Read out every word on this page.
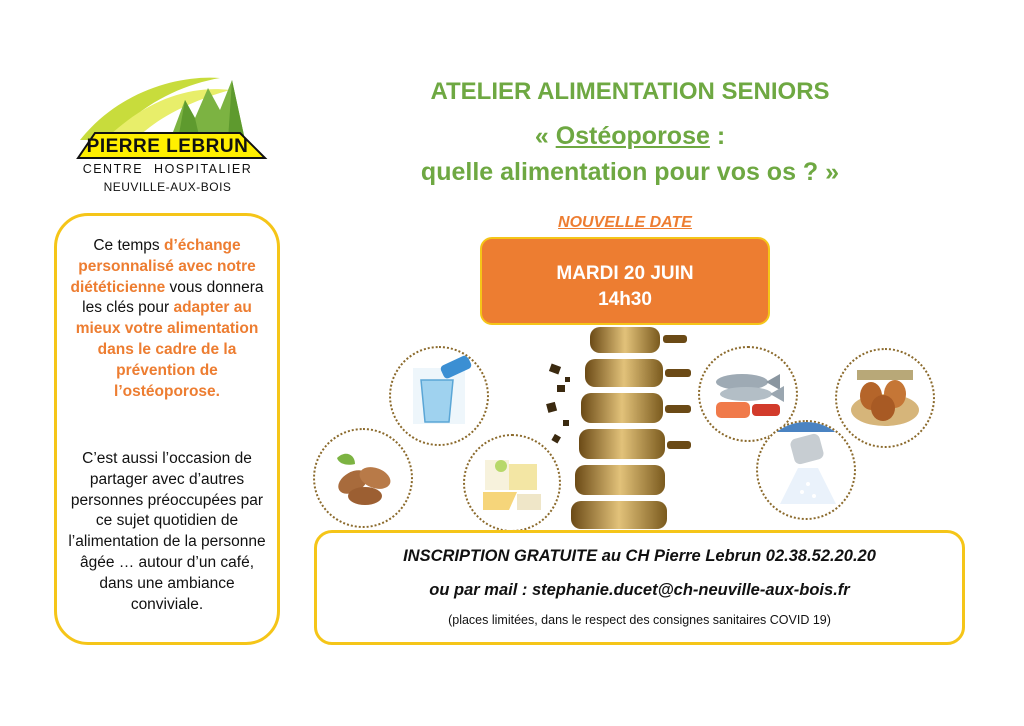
PIERRE LEBRUN
CENTRE HOSPITALIER
NEUVILLE-AUX-BOIS
ATELIER ALIMENTATION SENIORS
« Ostéoporose :
quelle alimentation pour vos os ? »
Ce temps d’échange personnalisé avec notre diététicienne vous donnera les clés pour adapter au mieux votre alimentation dans le cadre de la prévention de l’ostéoporose.
C’est aussi l’occasion de partager avec d’autres personnes préoccupées par ce sujet quotidien de l’alimentation de la personne âgée … autour d’un café, dans une ambiance conviviale.
NOUVELLE DATE
MARDI 20 JUIN
14h30
INSCRIPTION GRATUITE au CH Pierre Lebrun 02.38.52.20.20
ou par mail : stephanie.ducet@ch-neuville-aux-bois.fr
(places limitées, dans le respect des consignes sanitaires COVID 19)
